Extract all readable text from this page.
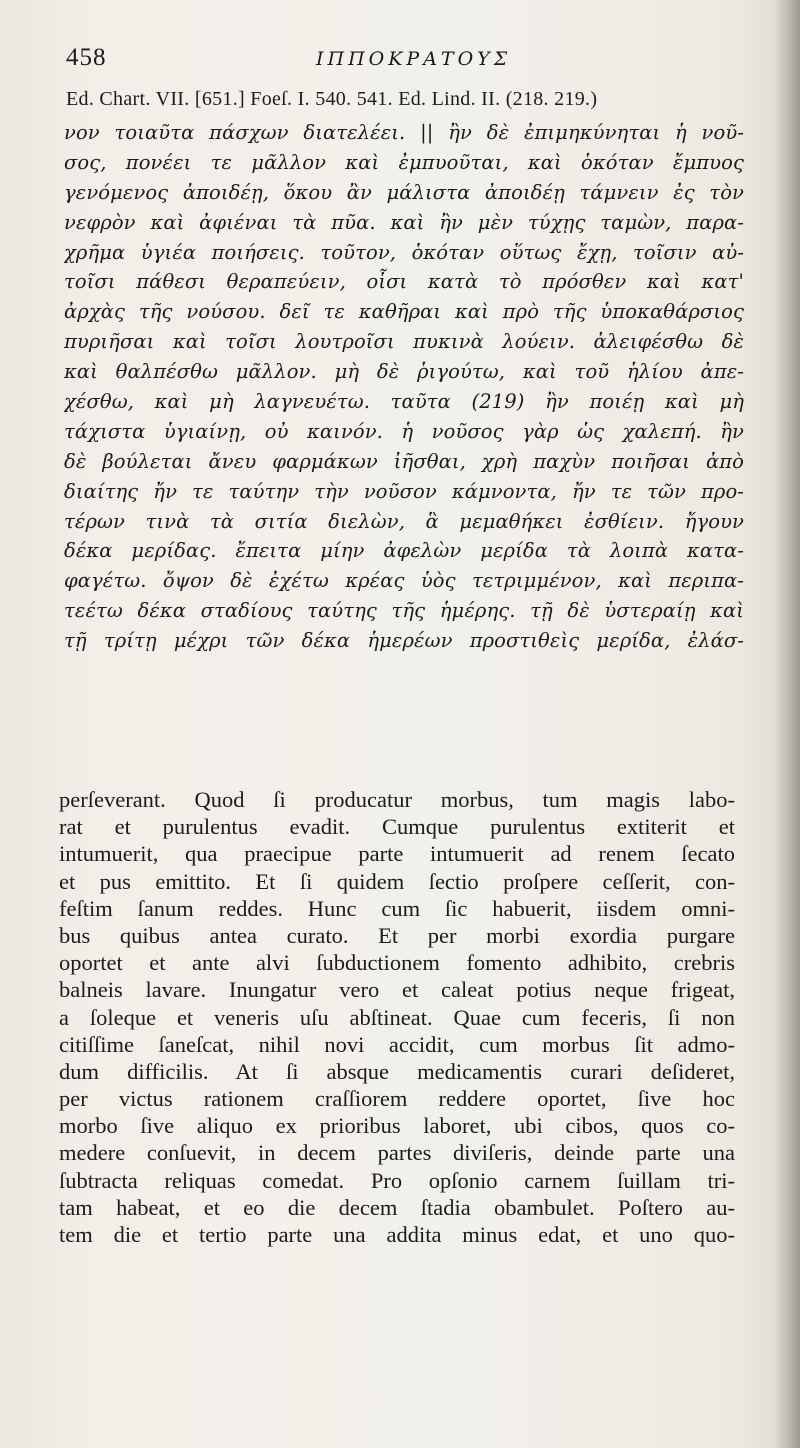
458	ΙΠΠΟΚΡΑΤΟΥΣ
Ed. Chart. VII. [651.] Foeſ. I. 540. 541. Ed. Lind. II. (218. 219.)
νον τοιαῦτα πάσχων διατελέει. || ἢν δὲ ἐπιμηκύνηται ἡ νοῦ-
σος, πονέει τε μᾶλλον καὶ ἐμπυοῦται, καὶ ὁκόταν ἔμπυος
γενόμενος ἀποιδέῃ, ὅκου ἂν μάλιστα ἀποιδέῃ τάμνειν ἐς τὸν
νεφρὸν καὶ ἀφιέναι τὰ πῦα. καὶ ἢν μὲν τύχῃς ταμὼν, παρα-
χρῆμα ὑγιέα ποιήσεις. τοῦτον, ὁκόταν οὕτως ἔχῃ, τοῖσιν αὐ-
τοῖσι πάθεσι θεραπεύειν, οἷσι κατὰ τὸ πρόσθεν καὶ κατ'
ἀρχὰς τῆς νούσου. δεῖ τε καθῆραι καὶ πρὸ τῆς ὑποκαθάρσιος
πυριῆσαι καὶ τοῖσι λουτροῖσι πυκινὰ λούειν. ἀλειφέσθω δὲ
καὶ θαλπέσθω μᾶλλον. μὴ δὲ ῥιγούτω, καὶ τοῦ ἡλίου ἀπε-
χέσθω, καὶ μὴ λαγνευέτω. ταῦτα (219) ἢν ποιέῃ καὶ μὴ
τάχιστα ὑγιαίνῃ, οὐ καινόν. ἡ νοῦσος γὰρ ὡς χαλεπή. ἢν
δὲ βούλεται ἄνευ φαρμάκων ἰῆσθαι, χρὴ παχὺν ποιῆσαι ἀπὸ
διαίτης ἤν τε ταύτην τὴν νοῦσον κάμνοντα, ἤν τε τῶν προ-
τέρων τινὰ τὰ σιτία διελὼν, ἃ μεμαθήκει ἐσθίειν. ἤγουν
δέκα μερίδας. ἔπειτα μίην ἀφελὼν μερίδα τὰ λοιπὰ κατα-
φαγέτω. ὄψον δὲ ἐχέτω κρέας ὑὸς τετριμμένον, καὶ περιπα-
τεέτω δέκα σταδίους ταύτης τῆς ἡμέρης. τῇ δὲ ὑστεραίῃ καὶ
τῇ τρίτῃ μέχρι τῶν δέκα ἡμερέων προστιθεὶς μερίδα, ἐλάσ-
perſeverant. Quod ſi producatur morbus, tum magis labo-
rat et purulentus evadit. Cumque purulentus extiterit et
intumuerit, qua praecipue parte intumuerit ad renem ſecato
et pus emittito. Et ſi quidem ſectio proſpere ceſſerit, con-
feſtim ſanum reddes. Hunc cum ſic habuerit, iisdem omni-
bus quibus antea curato. Et per morbi exordia purgare
oportet et ante alvi ſubductionem fomento adhibito, crebris
balneis lavare. Inungatur vero et caleat potius neque frigeat,
a ſoleque et veneris uſu abſtineat. Quae cum feceris, ſi non
citiſſime ſaneſcat, nihil novi accidit, cum morbus ſit admo-
dum difficilis. At ſi absque medicamentis curari deſideret,
per victus rationem craſſiorem reddere oportet, ſive hoc
morbo ſive aliquo ex prioribus laboret, ubi cibos, quos co-
medere conſuevit, in decem partes diviſeris, deinde parte una
ſubtracta reliquas comedat. Pro opſonio carnem ſuillam tri-
tam habeat, et eo die decem ſtadia obambulet. Poſtero au-
tem die et tertio parte una addita minus edat, et uno quo-
